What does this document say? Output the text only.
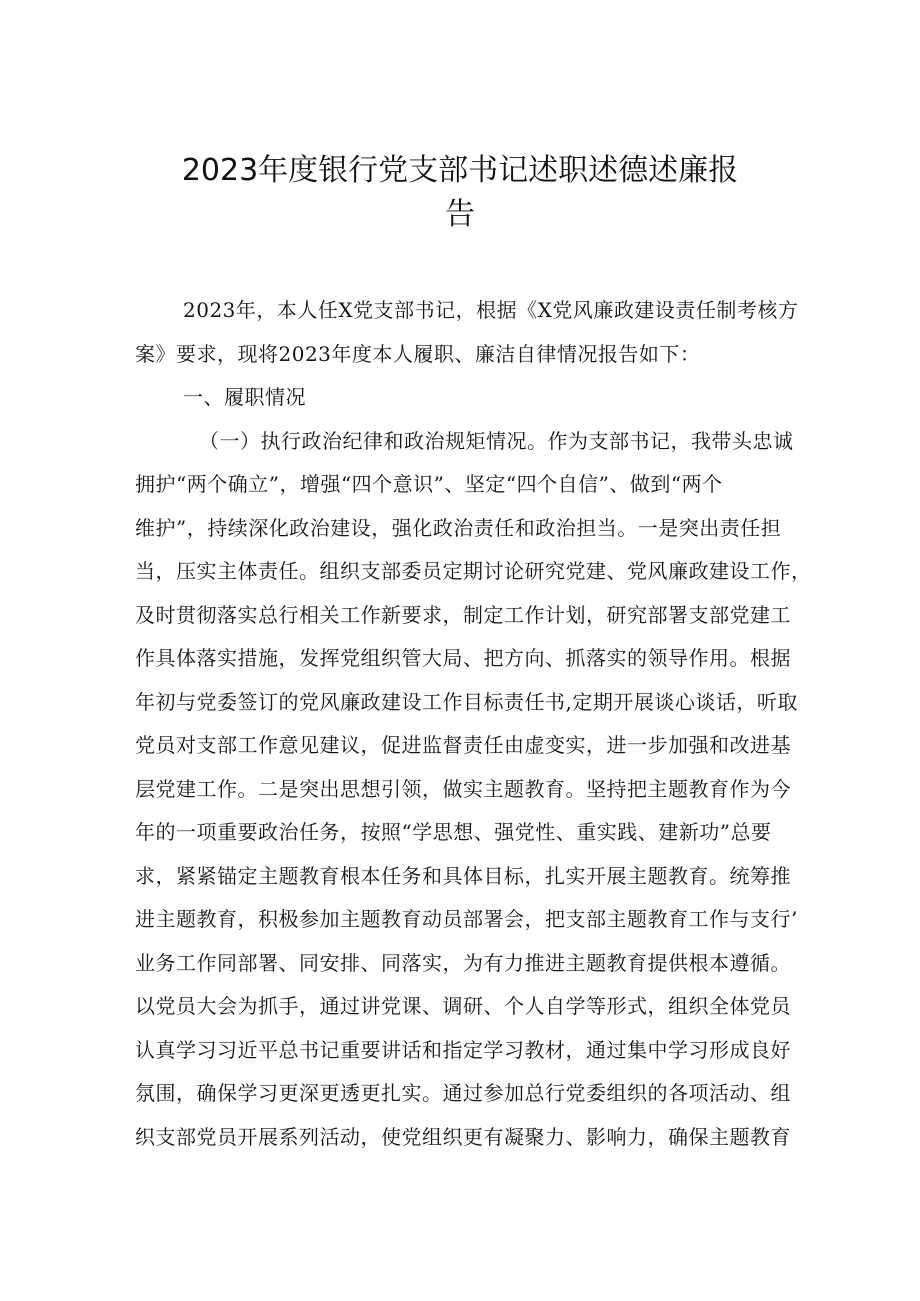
2023年度银行党支部书记述职述德述廉报
告
2023年，本人任X党支部书记，根据《X党风廉政建设责任制考核方
案》要求，现将2023年度本人履职、廉洁自律情况报告如下：
一、履职情况
（一）执行政治纪律和政治规矩情况。作为支部书记，我带头忠诚
拥护“两个确立”，增强“四个意识”、坚定“四个自信”、做到“两个
维护”，持续深化政治建设，强化政治责任和政治担当。一是突出责任担
当，压实主体责任。组织支部委员定期讨论研究党建、党风廉政建设工作，
及时贯彻落实总行相关工作新要求，制定工作计划，研究部署支部党建工
作具体落实措施，发挥党组织管大局、把方向、抓落实的领导作用。根据
年初与党委签订的党风廉政建设工作目标责任书,定期开展谈心谈话，听取
党员对支部工作意见建议，促进监督责任由虚变实，进一步加强和改进基
层党建工作。二是突出思想引领，做实主题教育。坚持把主题教育作为今
年的一项重要政治任务，按照“学思想、强党性、重实践、建新功”总要
求，紧紧锚定主题教育根本任务和具体目标，扎实开展主题教育。统筹推
进主题教育，积极参加主题教育动员部署会，把支部主题教育工作与支行’
业务工作同部署、同安排、同落实，为有力推进主题教育提供根本遵循。
以党员大会为抓手，通过讲党课、调研、个人自学等形式，组织全体党员
认真学习习近平总书记重要讲话和指定学习教材，通过集中学习形成良好
氛围，确保学习更深更透更扎实。通过参加总行党委组织的各项活动、组
织支部党员开展系列活动，使党组织更有凝聚力、影响力，确保主题教育
